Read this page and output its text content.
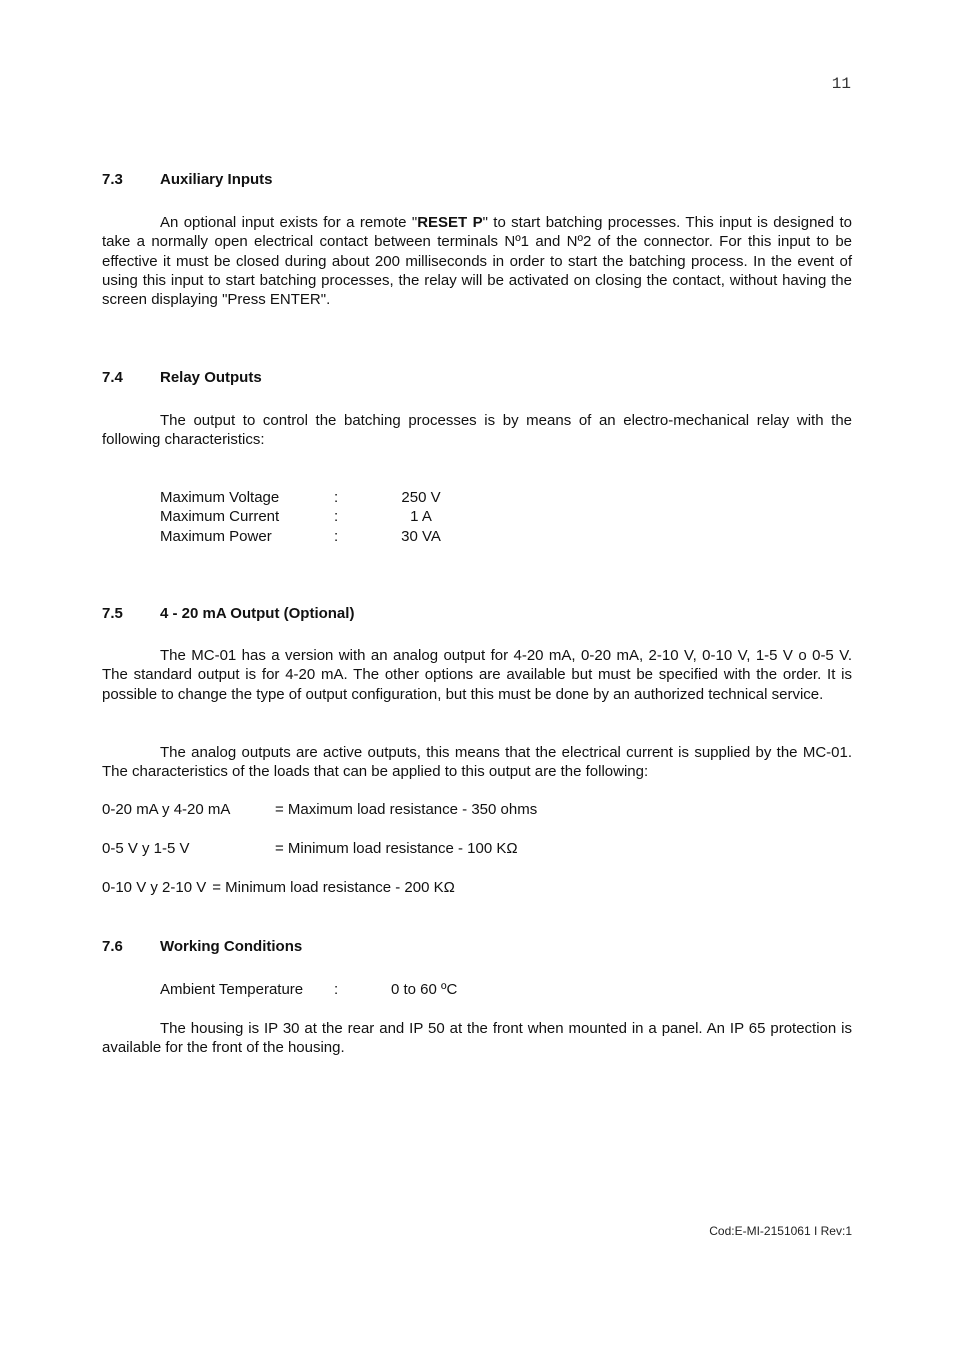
11
7.3 Auxiliary Inputs

An optional input exists for a remote "RESET P" to start batching processes. This input is designed to take a normally open electrical contact between terminals Nº1 and Nº2 of the connector. For this input to be effective it must be closed during about 200 milliseconds in order to start the batching process. In the event of using this input to start batching processes, the relay will be activated on closing the contact, without having the screen displaying "Press ENTER".

7.4 Relay Outputs

The output to control the batching processes is by means of an electro-mechanical relay with the following characteristics:

Maximum Voltage	:	250 V
Maximum Current	:	1 A
Maximum Power	:	30 VA
7.5 4 - 20 mA Output (Optional)

The MC-01 has a version with an analog output for 4-20 mA, 0-20 mA, 2-10 V, 0-10 V, 1-5 V o 0-5 V. The standard output is for 4-20 mA. The other options are available but must be specified with the order. It is possible to change the type of output configuration, but this must be done by an authorized technical service.

The analog outputs are active outputs, this means that the electrical current is supplied by the MC-01. The characteristics of the loads that can be applied to this output are the following:

0-20 mA y 4-20 mA	= Maximum load resistance - 350 ohms
0-5 V y 1-5 V	= Minimum load resistance - 100 KΩ
0-10 V y 2-10 V = Minimum load resistance - 200 KΩ
7.6 Working Conditions
Ambient Temperature :	0 to 60 ºC

The housing is IP 30 at the rear and IP 50 at the front when mounted in a panel. An IP 65 protection is available for the front of the housing.

Cod:E-MI-2151061 I Rev:1
